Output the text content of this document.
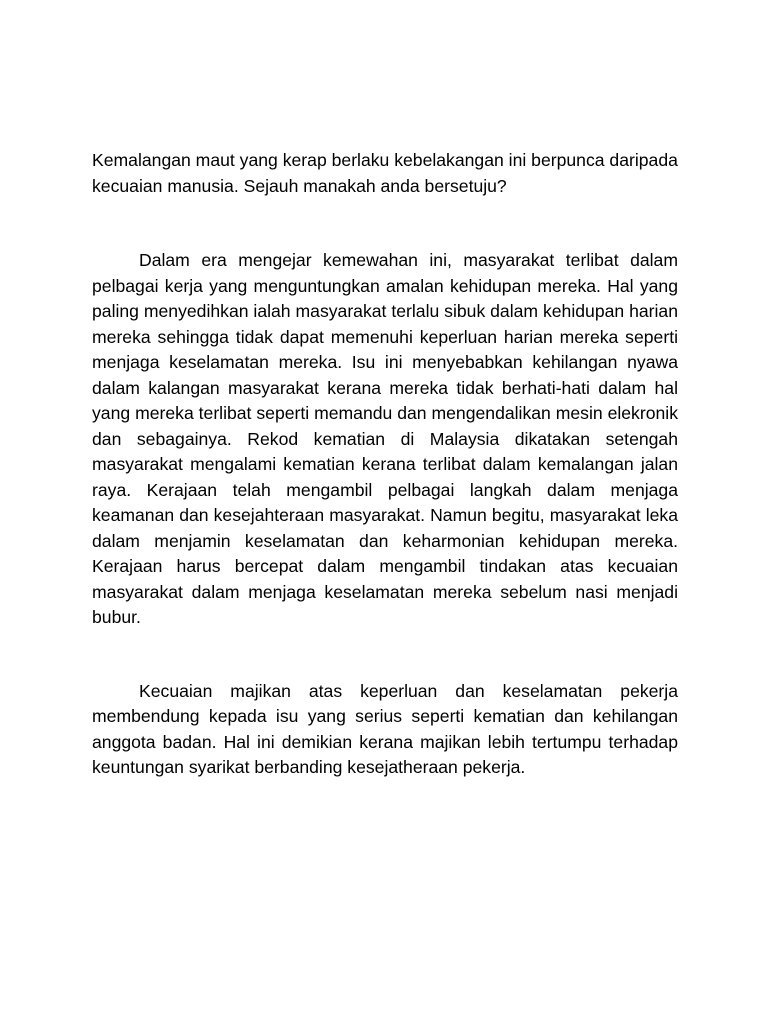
Kemalangan maut yang kerap berlaku kebelakangan ini berpunca daripada kecuaian manusia. Sejauh manakah anda bersetuju?

Dalam era mengejar kemewahan ini, masyarakat terlibat dalam pelbagai kerja yang menguntungkan amalan kehidupan mereka. Hal yang paling menyedihkan ialah masyarakat terlalu sibuk dalam kehidupan harian mereka sehingga tidak dapat memenuhi keperluan harian mereka seperti menjaga keselamatan mereka. Isu ini menyebabkan kehilangan nyawa dalam kalangan masyarakat kerana mereka tidak berhati-hati dalam hal yang mereka terlibat seperti memandu dan mengendalikan mesin elekronik dan sebagainya. Rekod kematian di Malaysia dikatakan setengah masyarakat mengalami kematian kerana terlibat dalam kemalangan jalan raya. Kerajaan telah mengambil pelbagai langkah dalam menjaga keamanan dan kesejahteraan masyarakat. Namun begitu, masyarakat leka dalam menjamin keselamatan dan keharmonian kehidupan mereka. Kerajaan harus bercepat dalam mengambil tindakan atas kecuaian masyarakat dalam menjaga keselamatan mereka sebelum nasi menjadi bubur.

Kecuaian majikan atas keperluan dan keselamatan pekerja membendung kepada isu yang serius seperti kematian dan kehilangan anggota badan. Hal ini demikian kerana majikan lebih tertumpu terhadap keuntungan syarikat berbanding kesejatheraan pekerja.
